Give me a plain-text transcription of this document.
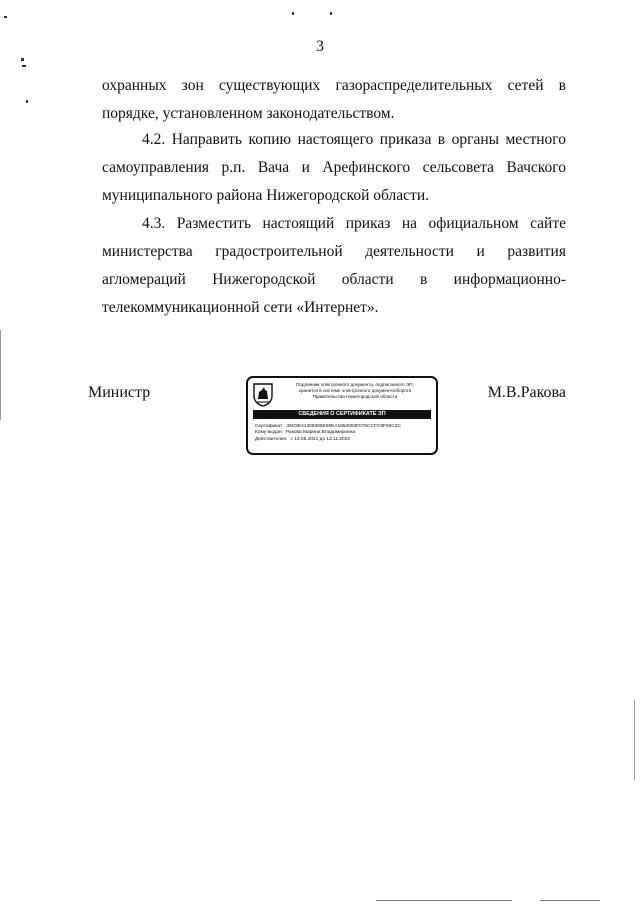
3

охранных зон существующих газораспределительных сетей в порядке, установленном законодательством.

4.2. Направить копию настоящего приказа в органы местного самоуправления р.п. Вача и Арефинского сельсовета Вачского муниципального района Нижегородской области.

4.3. Разместить настоящий приказ на официальном сайте министерства градостроительной деятельности и развития агломераций Нижегородской области в информационно-телекоммуникационной сети «Интернет».

Министр	Подлинник электронного документа, подписанного ЭП,
хранится в системе электронного документооборота
Правительства Нижегородской области
СВЕДЕНИЯ О СЕРТИФИКАТЕ ЭП
Сертификат: 39C8E41308385E59EA1852003F075CCFC9F92C3C
Кому выдан: Ракова Марина Владимировна
Действителен: с 13.08.2021 до 13.11.2022
М.В.Ракова
